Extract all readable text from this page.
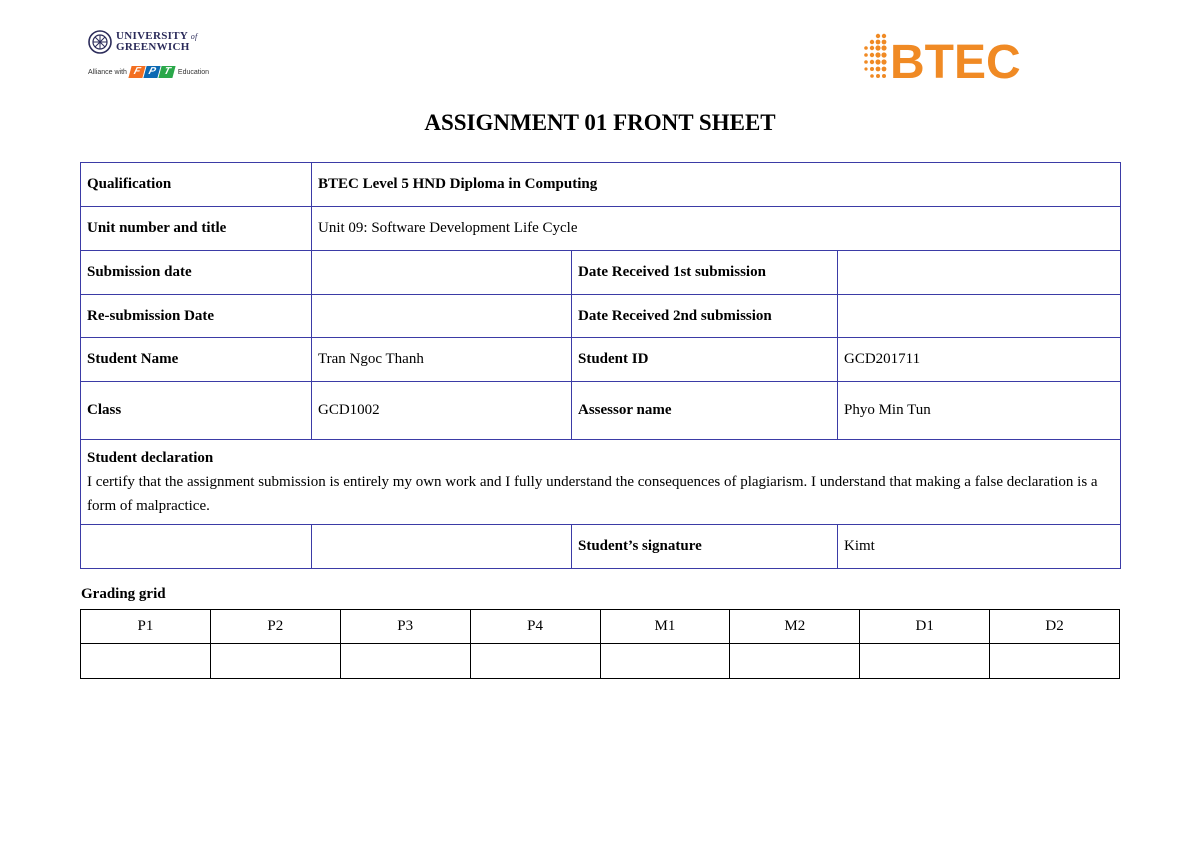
UNIVERSITY of
GREENWICH
Alliance with F P T Education	BTEC
ASSIGNMENT 01 FRONT SHEET
Qualification	BTEC Level 5 HND Diploma in Computing		
Unit number and title	Unit 09: Software Development Life Cycle		
Submission date		Date Received 1st submission	
Re-submission Date		Date Received 2nd submission	
Student Name	Tran Ngoc Thanh	Student ID	GCD201711
Class	GCD1002	Assessor name	Phyo Min Tun

Student declaration
I certify that the assignment submission is entirely my own work and I fully understand the consequences of plagiarism. I understand that making a false declaration is a form of malpractice.			
		Student’s signature	Kimt
Grading grid
P1	P2	P3	P4	M1	M2	D1	D2
